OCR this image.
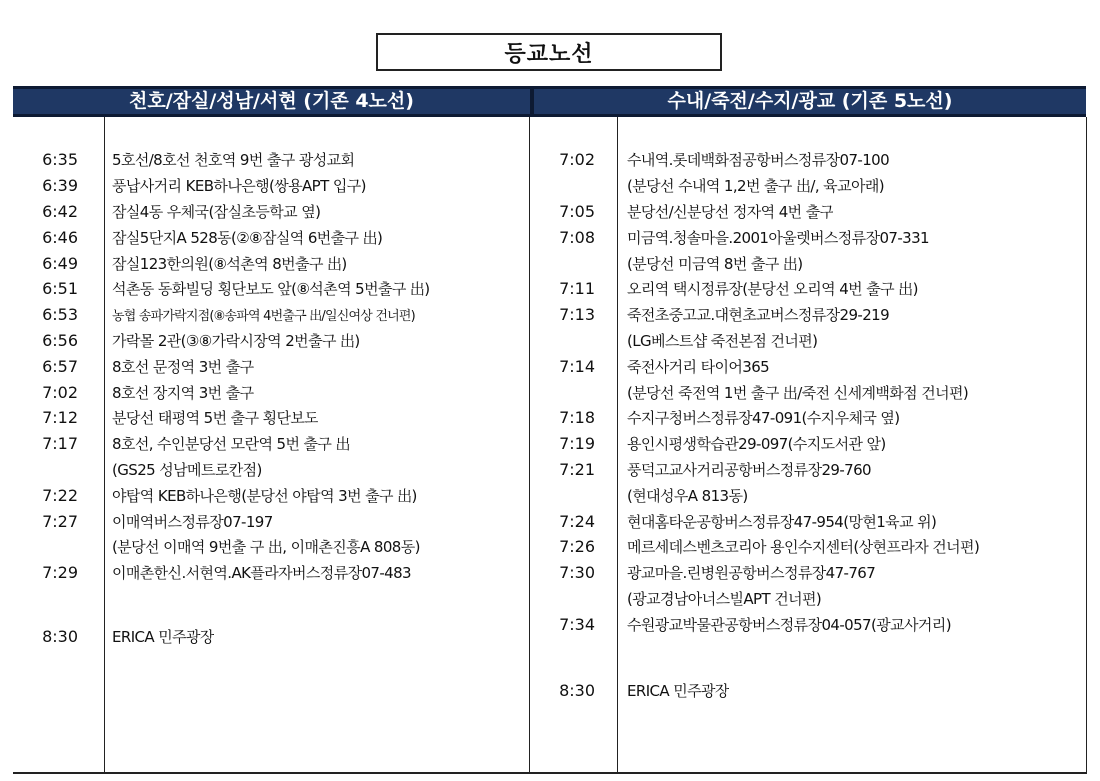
등교노선
천호/잠실/성남/서현 (기존 4노선)	수내/죽전/수지/광교 (기존 5노선)
6:35 5호선/8호선 천호역 9번 출구 광성교회
6:39 풍납사거리 KEB하나은행(쌍용APT 입구)
6:42 잠실4동 우체국(잠실초등학교 옆)
6:46 잠실5단지A 528동(②⑧잠실역 6번출구 出)
6:49 잠실123한의원(⑧석촌역 8번출구 出)
6:51 석촌동 동화빌딩 횡단보도 앞(⑧석촌역 5번출구 出)
6:53	농협 송파가락지점(⑧송파역 4번출구 出/일신여상 건너편)
6:56 가락몰 2관(③⑧가락시장역 2번출구 出)
6:57 8호선 문정역 3번 출구
7:02 8호선 장지역 3번 출구
7:12 분당선 태평역 5번 출구 횡단보도
7:17 8호선, 수인분당선 모란역 5번 출구 出
(GS25 성남메트로칸점)
7:22 야탑역 KEB하나은행(분당선 야탑역 3번 출구 出)
7:27 이매역버스정류장07-197
(분당선 이매역 9번출 구 出, 이매촌진흥A 808동)
7:29 이매촌한신.서현역.AK플라자버스정류장07-483
8:30 ERICA 민주광장
7:02 수내역.롯데백화점공항버스정류장07-100
(분당선 수내역 1,2번 출구 出/, 육교아래)
7:05 분당선/신분당선 정자역 4번 출구
7:08 미금역.청솔마을.2001아울렛버스정류장07-331
(분당선 미금역 8번 출구 出)
7:11 오리역 택시정류장(분당선 오리역 4번 출구 出)
7:13 죽전초중고교.대현초교버스정류장29-219
(LG베스트샵 죽전본점 건너편)
7:14 죽전사거리 타이어365
(분당선 죽전역 1번 출구 出/죽전 신세계백화점 건너편)
7:18 수지구청버스정류장47-091(수지우체국 옆)
7:19 용인시평생학습관29-097(수지도서관 앞)
7:21 풍덕고교사거리공항버스정류장29-760
(현대성우A 813동)
7:24 현대홈타운공항버스정류장47-954(망현1육교 위)
7:26 메르세데스벤츠코리아 용인수지센터(상현프라자 건너편)
7:30 광교마을.린병원공항버스정류장47-767
(광교경남아너스빌APT 건너편)
7:34 수원광교박물관공항버스정류장04-057(광교사거리)
8:30 ERICA 민주광장
